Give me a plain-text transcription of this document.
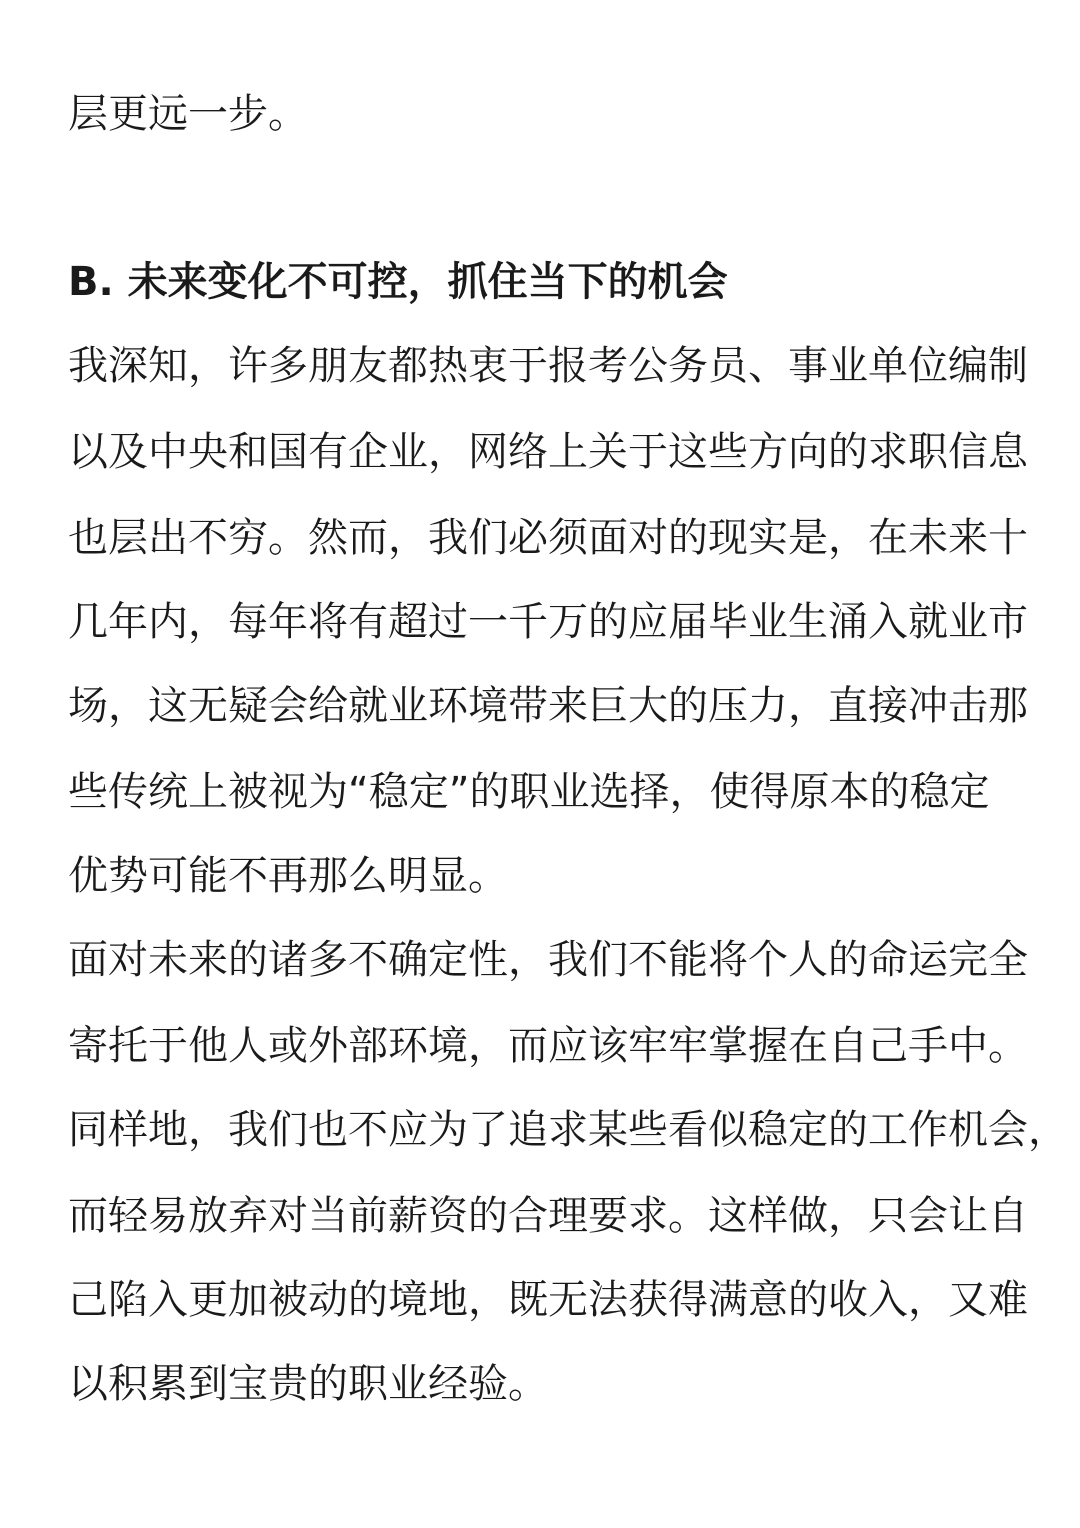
层更远一步。
B. 未来变化不可控，抓住当下的机会
我深知，许多朋友都热衷于报考公务员、事业单位编制
以及中央和国有企业，网络上关于这些方向的求职信息
也层出不穷。然而，我们必须面对的现实是，在未来十
几年内，每年将有超过一千万的应届毕业生涌入就业市
场，这无疑会给就业环境带来巨大的压力，直接冲击那
些传统上被视为“稳定”的职业选择，使得原本的稳定
优势可能不再那么明显。
面对未来的诸多不确定性，我们不能将个人的命运完全
寄托于他人或外部环境，而应该牢牢掌握在自己手中。
同样地，我们也不应为了追求某些看似稳定的工作机会，
而轻易放弃对当前薪资的合理要求。这样做，只会让自
己陷入更加被动的境地，既无法获得满意的收入，又难
以积累到宝贵的职业经验。
